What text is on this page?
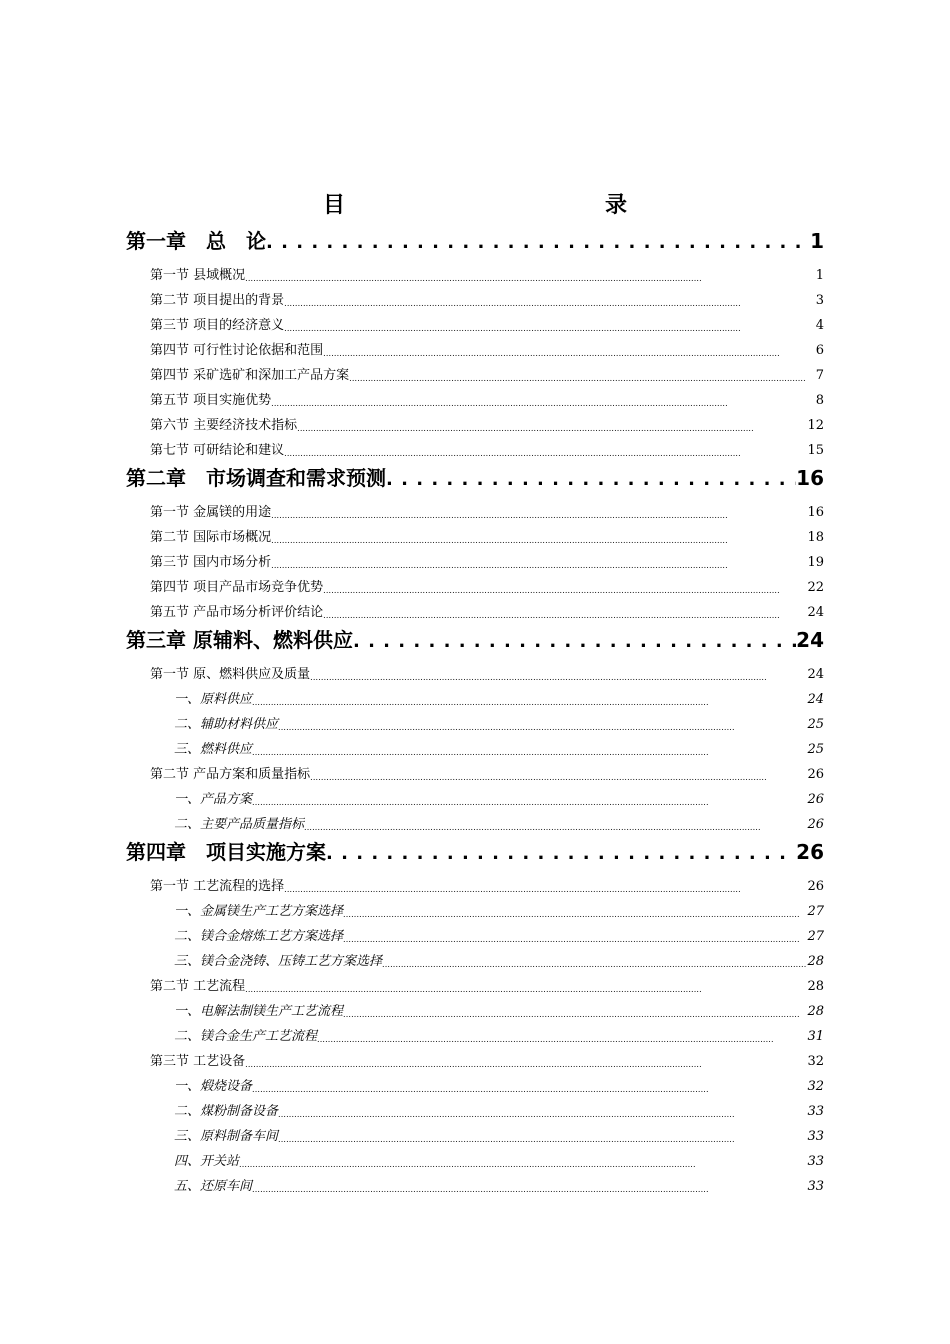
目　　录
第一章　总　论 . . .	1
第一节 县域概况 . . .	1
第二节 项目提出的背景 . . .	3
第三节 项目的经济意义 . . .	4
第四节 可行性讨论依据和范围 . . .	6
第四节 采矿选矿和深加工产品方案 . . .	7
第五节 项目实施优势 . . .	8
第六节 主要经济技术指标 . . .	12
第七节 可研结论和建议 . . .	15
第二章　市场调查和需求预测 . . .	16
第一节 金属镁的用途 . . .	16
第二节 国际市场概况 . . .	18
第三节 国内市场分析 . . .	19
第四节 项目产品市场竞争优势 . . .	22
第五节 产品市场分析评价结论 . . .	24
第三章 原辅料、燃料供应 . . .	24
第一节 原、燃料供应及质量 . . .	24
一、原料供应 . . .	24
二、辅助材料供应 . . .	25
三、燃料供应 . . .	25
第二节 产品方案和质量指标 . . .	26
一、产品方案 . . .	26
二、主要产品质量指标 . . .	26
第四章　项目实施方案 . . .	26
第一节 工艺流程的选择 . . .	26
一、金属镁生产工艺方案选择 . . .	27
二、镁合金熔炼工艺方案选择 . . .	27
三、镁合金浇铸、压铸工艺方案选择 . . .	28
第二节 工艺流程 . . .	28
一、电解法制镁生产工艺流程 . . .	28
二、镁合金生产工艺流程 . . .	31
第三节 工艺设备 . . .	32
一、煅烧设备 . . .	32
二、煤粉制备设备 . . .	33
三、原料制备车间 . . .	33
四、开关站 . . .	33
五、还原车间 . . .	33
